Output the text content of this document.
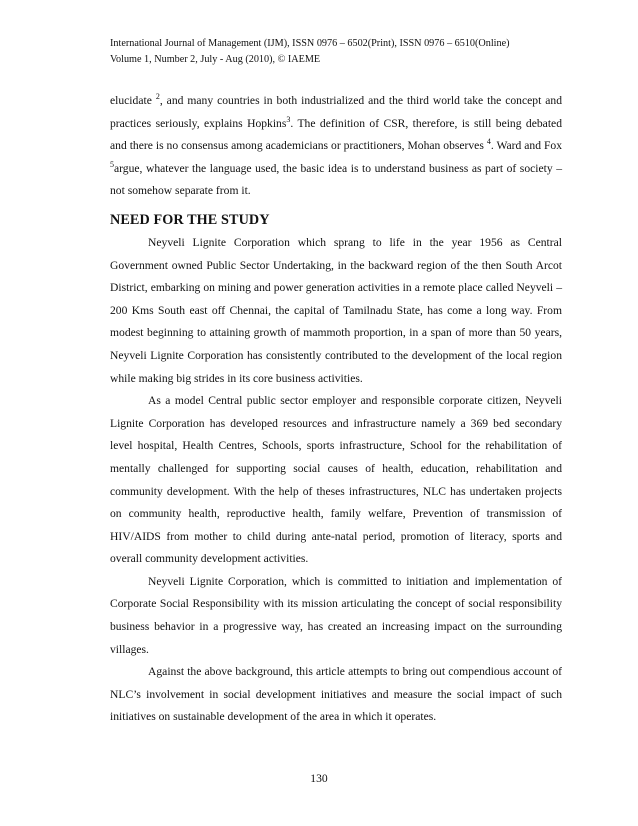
International Journal of Management (IJM), ISSN 0976 – 6502(Print), ISSN 0976 – 6510(Online)
Volume 1, Number 2, July - Aug (2010), © IAEME

elucidate $^2$, and many countries in both industrialized and the third world take the concept and practices seriously, explains Hopkins$^3$. The definition of CSR, therefore, is still being debated and there is no consensus among academicians or practitioners, Mohan observes $^4$. Ward and Fox $^5$argue, whatever the language used, the basic idea is to understand business as part of society – not somehow separate from it.

NEED FOR THE STUDY

Neyveli Lignite Corporation which sprang to life in the year 1956 as Central Government owned Public Sector Undertaking, in the backward region of the then South Arcot District, embarking on mining and power generation activities in a remote place called Neyveli – 200 Kms South east off Chennai, the capital of Tamilnadu State, has come a long way. From modest beginning to attaining growth of mammoth proportion, in a span of more than 50 years, Neyveli Lignite Corporation has consistently contributed to the development of the local region while making big strides in its core business activities.

As a model Central public sector employer and responsible corporate citizen, Neyveli Lignite Corporation has developed resources and infrastructure namely a 369 bed secondary level hospital, Health Centres, Schools, sports infrastructure, School for the rehabilitation of mentally challenged for supporting social causes of health, education, rehabilitation and community development. With the help of theses infrastructures, NLC has undertaken projects on community health, reproductive health, family welfare, Prevention of transmission of HIV/AIDS from mother to child during ante-natal period, promotion of literacy, sports and overall community development activities.

Neyveli Lignite Corporation, which is committed to initiation and implementation of Corporate Social Responsibility with its mission articulating the concept of social responsibility business behavior in a progressive way, has created an increasing impact on the surrounding villages.

Against the above background, this article attempts to bring out compendious account of NLC’s involvement in social development initiatives and measure the social impact of such initiatives on sustainable development of the area in which it operates.

130
